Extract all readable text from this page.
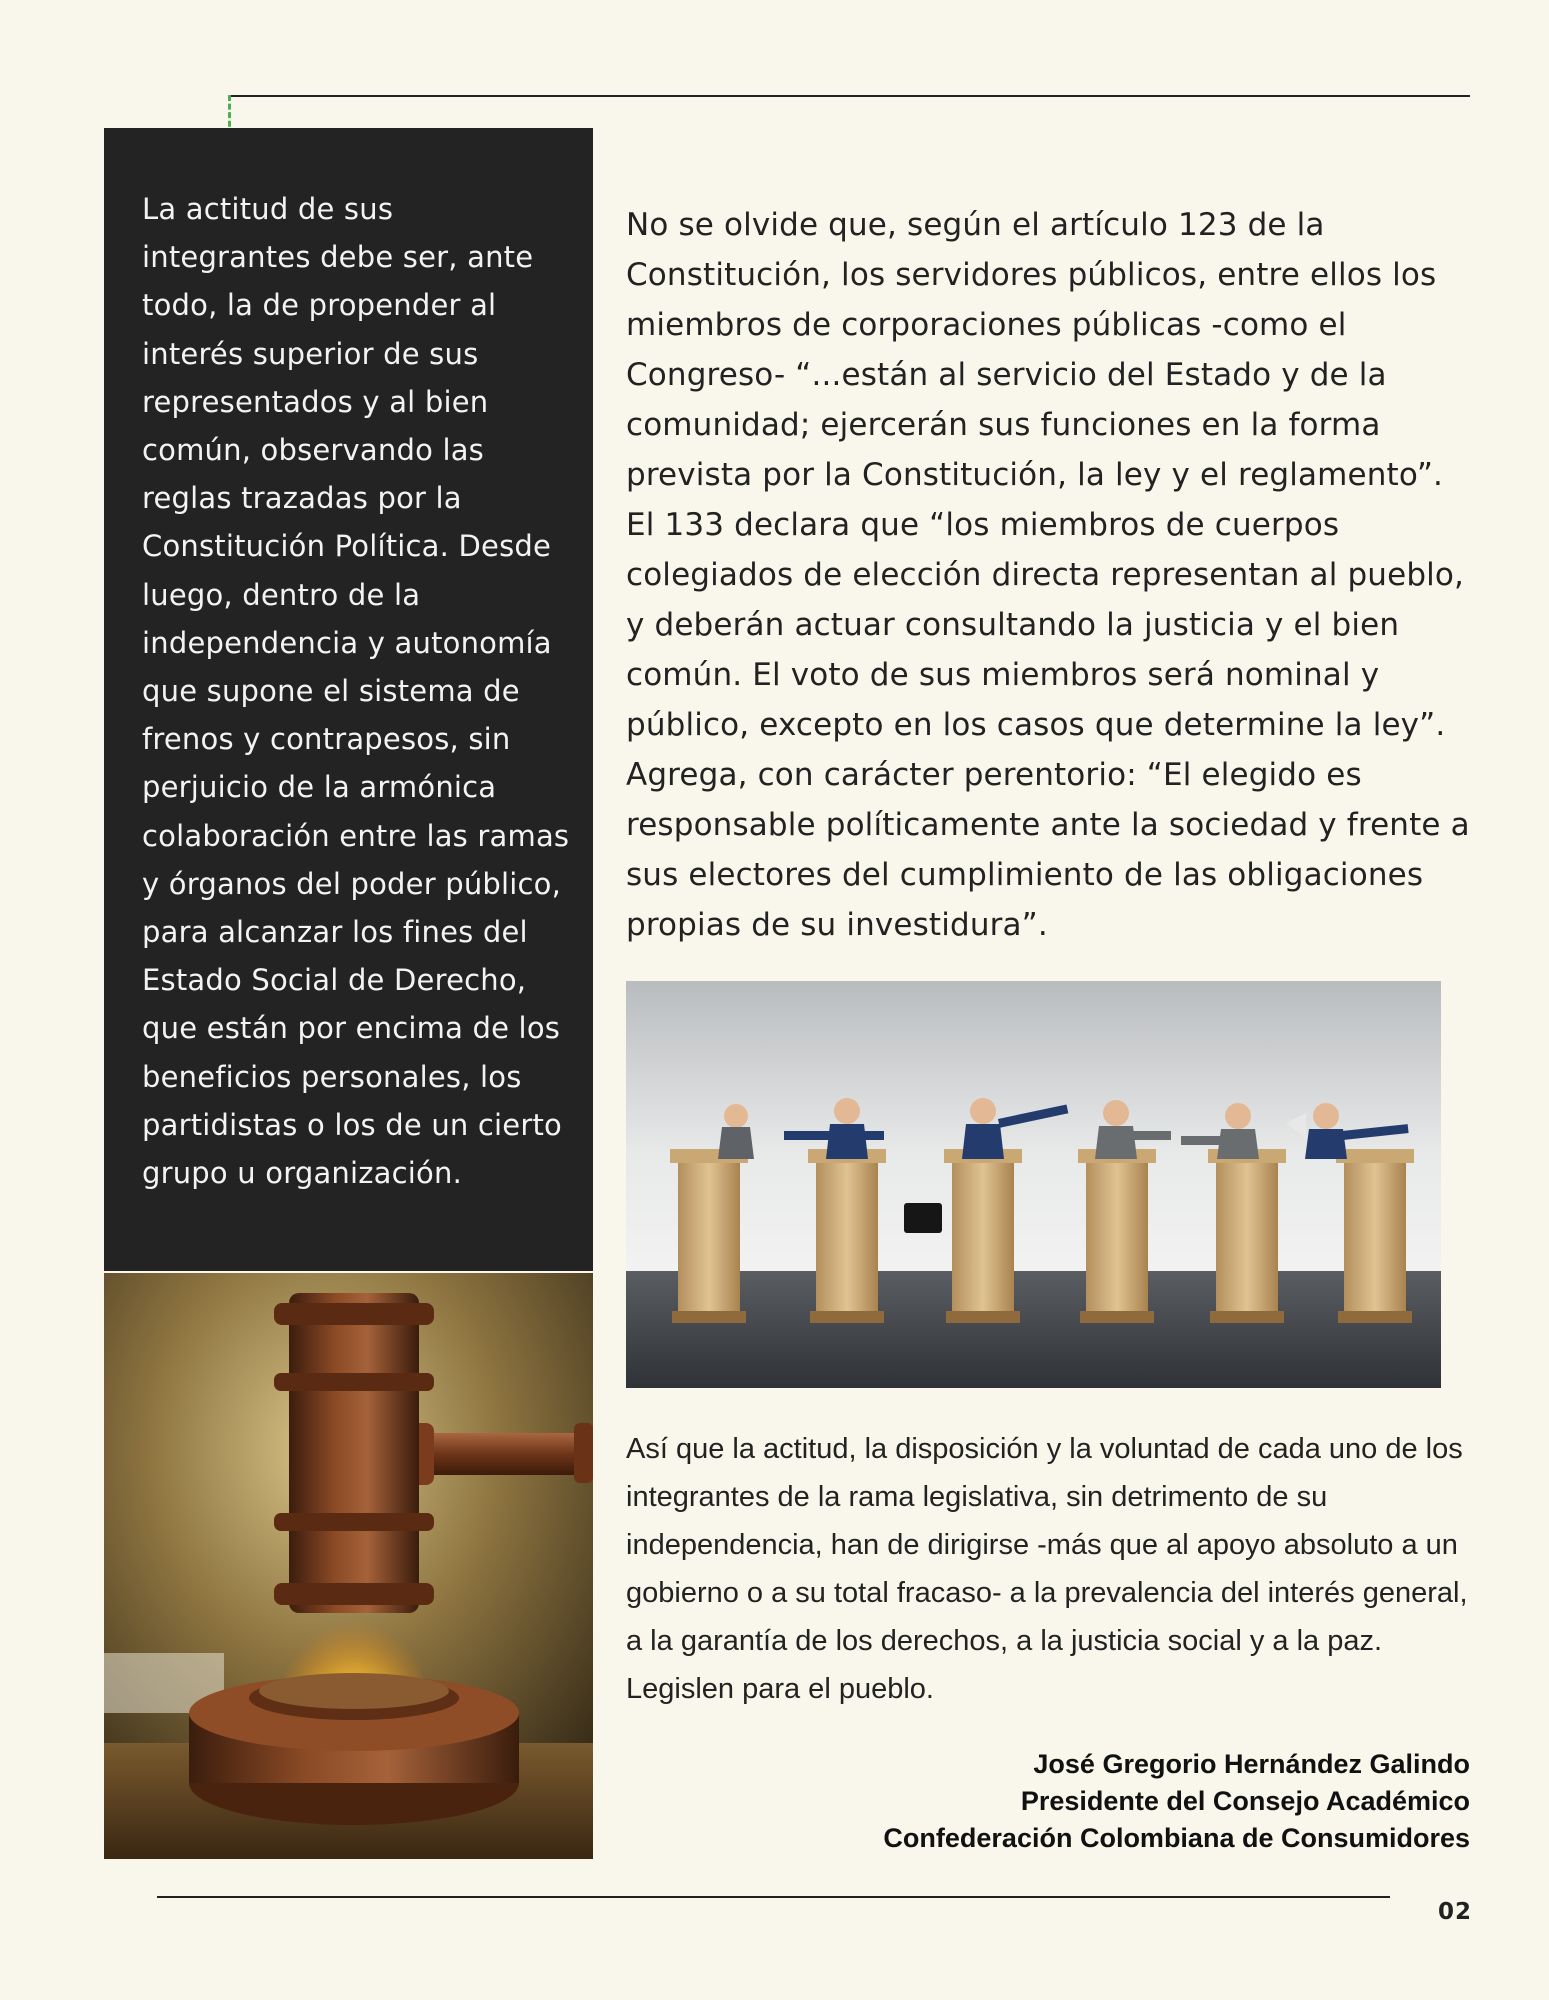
La actitud de sus integrantes debe ser, ante todo, la de propender al interés superior de sus representados y al bien común, observando las reglas trazadas por la Constitución Política. Desde luego, dentro de la independencia y autonomía que supone el sistema de frenos y contrapesos, sin perjuicio de la armónica colaboración entre las ramas y órganos del poder público, para alcanzar los fines del Estado Social de Derecho, que están por encima de los beneficios personales, los partidistas o los de un cierto grupo u organización.

No se olvide que, según el artículo 123 de la Constitución, los servidores públicos, entre ellos los miembros de corporaciones públicas -como el Congreso- “...están al servicio del Estado y de la comunidad; ejercerán sus funciones en la forma prevista por la Constitución, la ley y el reglamento”. El 133 declara que “los miembros de cuerpos colegiados de elección directa representan al pueblo, y deberán actuar consultando la justicia y el bien común. El voto de sus miembros será nominal y público, excepto en los casos que determine la ley”. Agrega, con carácter perentorio: “El elegido es responsable políticamente ante la sociedad y frente a sus electores del cumplimiento de las obligaciones propias de su investidura”.

Así que la actitud, la disposición y la voluntad de cada uno de los integrantes de la rama legislativa, sin detrimento de su independencia, han de dirigirse -más que al apoyo absoluto a un gobierno o a su total fracaso- a la prevalencia del interés general, a la garantía de los derechos, a la justicia social y a la paz. Legislen para el pueblo.

José Gregorio Hernández Galindo
Presidente del Consejo Académico
Confederación Colombiana de Consumidores
02
